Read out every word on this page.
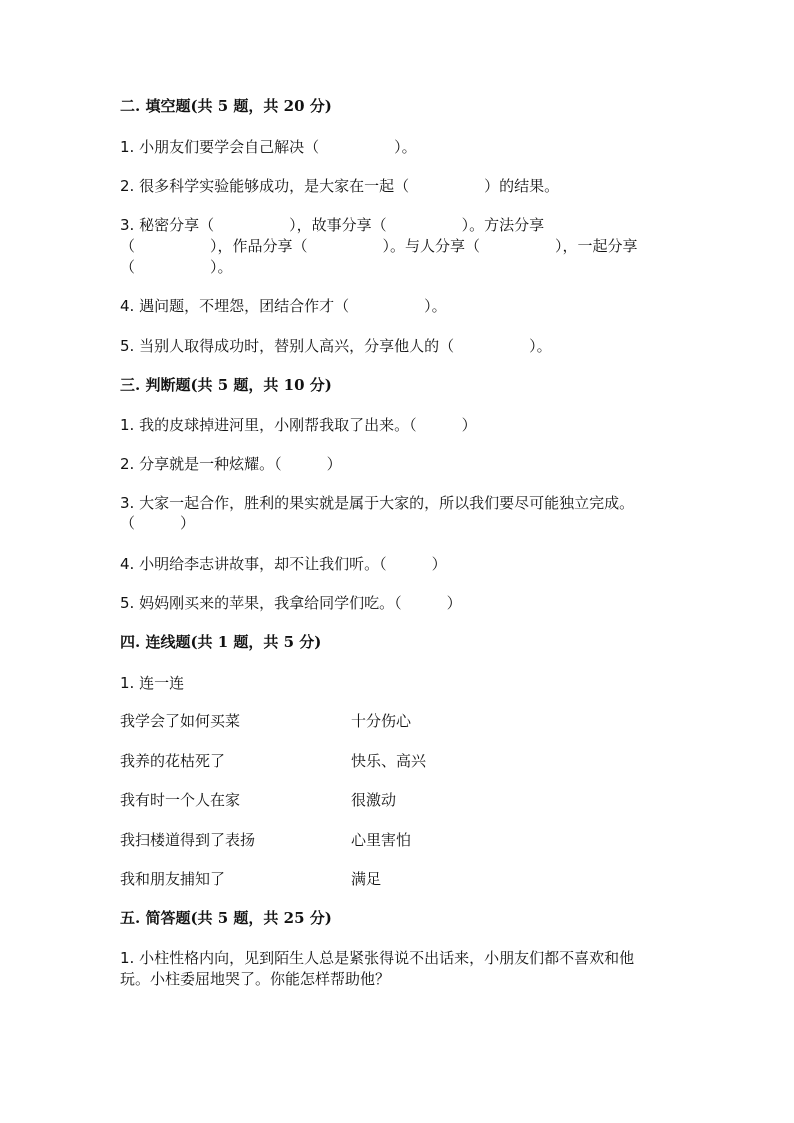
二. 填空题(共 5 题，共 20 分)
1. 小朋友们要学会自己解决（　　　　　）。
2. 很多科学实验能够成功，是大家在一起（　　　　　）的结果。
3. 秘密分享（　　　　　），故事分享（　　　　　）。方法分享
（　　　　　），作品分享（　　　　　）。与人分享（　　　　　），一起分享
（　　　　　）。
4. 遇问题，不埋怨，团结合作才（　　　　　）。
5. 当别人取得成功时，替别人高兴，分享他人的（　　　　　）。
三. 判断题(共 5 题，共 10 分)
1. 我的皮球掉进河里，小刚帮我取了出来。（　　　）
2. 分享就是一种炫耀。（　　　）
3. 大家一起合作，胜利的果实就是属于大家的，所以我们要尽可能独立完成。
（　　　）
4. 小明给李志讲故事，却不让我们听。（　　　）
5. 妈妈刚买来的苹果，我拿给同学们吃。（　　　）
四. 连线题(共 1 题，共 5 分)
1. 连一连
我学会了如何买菜	十分伤心
我养的花枯死了	快乐、高兴
我有时一个人在家	很激动
我扫楼道得到了表扬	心里害怕
我和朋友捕知了	满足
五. 简答题(共 5 题，共 25 分)
1. 小柱性格内向，见到陌生人总是紧张得说不出话来，小朋友们都不喜欢和他
玩。小柱委屈地哭了。你能怎样帮助他？
